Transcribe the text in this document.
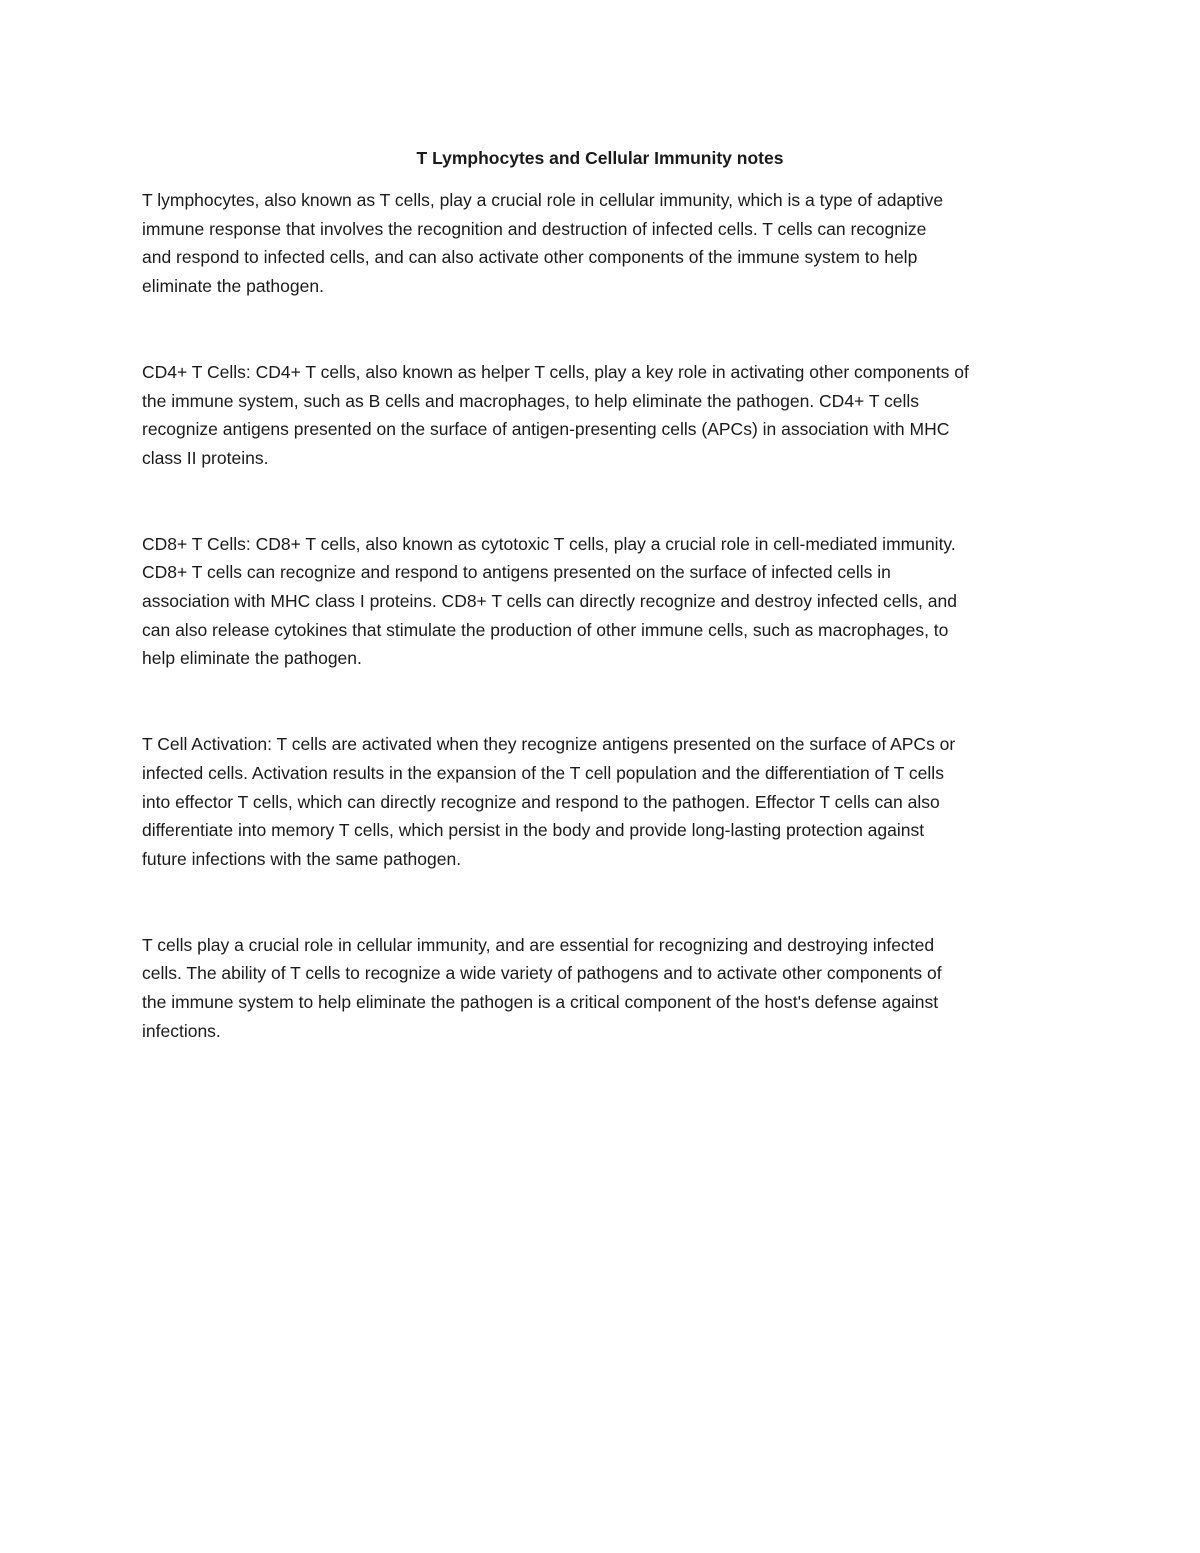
T Lymphocytes and Cellular Immunity notes

T lymphocytes, also known as T cells, play a crucial role in cellular immunity, which is a type of adaptive
immune response that involves the recognition and destruction of infected cells. T cells can recognize
and respond to infected cells, and can also activate other components of the immune system to help
eliminate the pathogen.

CD4+ T Cells: CD4+ T cells, also known as helper T cells, play a key role in activating other components of
the immune system, such as B cells and macrophages, to help eliminate the pathogen. CD4+ T cells
recognize antigens presented on the surface of antigen-presenting cells (APCs) in association with MHC
class II proteins.

CD8+ T Cells: CD8+ T cells, also known as cytotoxic T cells, play a crucial role in cell-mediated immunity.
CD8+ T cells can recognize and respond to antigens presented on the surface of infected cells in
association with MHC class I proteins. CD8+ T cells can directly recognize and destroy infected cells, and
can also release cytokines that stimulate the production of other immune cells, such as macrophages, to
help eliminate the pathogen.

T Cell Activation: T cells are activated when they recognize antigens presented on the surface of APCs or
infected cells. Activation results in the expansion of the T cell population and the differentiation of T cells
into effector T cells, which can directly recognize and respond to the pathogen. Effector T cells can also
differentiate into memory T cells, which persist in the body and provide long-lasting protection against
future infections with the same pathogen.

T cells play a crucial role in cellular immunity, and are essential for recognizing and destroying infected
cells. The ability of T cells to recognize a wide variety of pathogens and to activate other components of
the immune system to help eliminate the pathogen is a critical component of the host's defense against
infections.
